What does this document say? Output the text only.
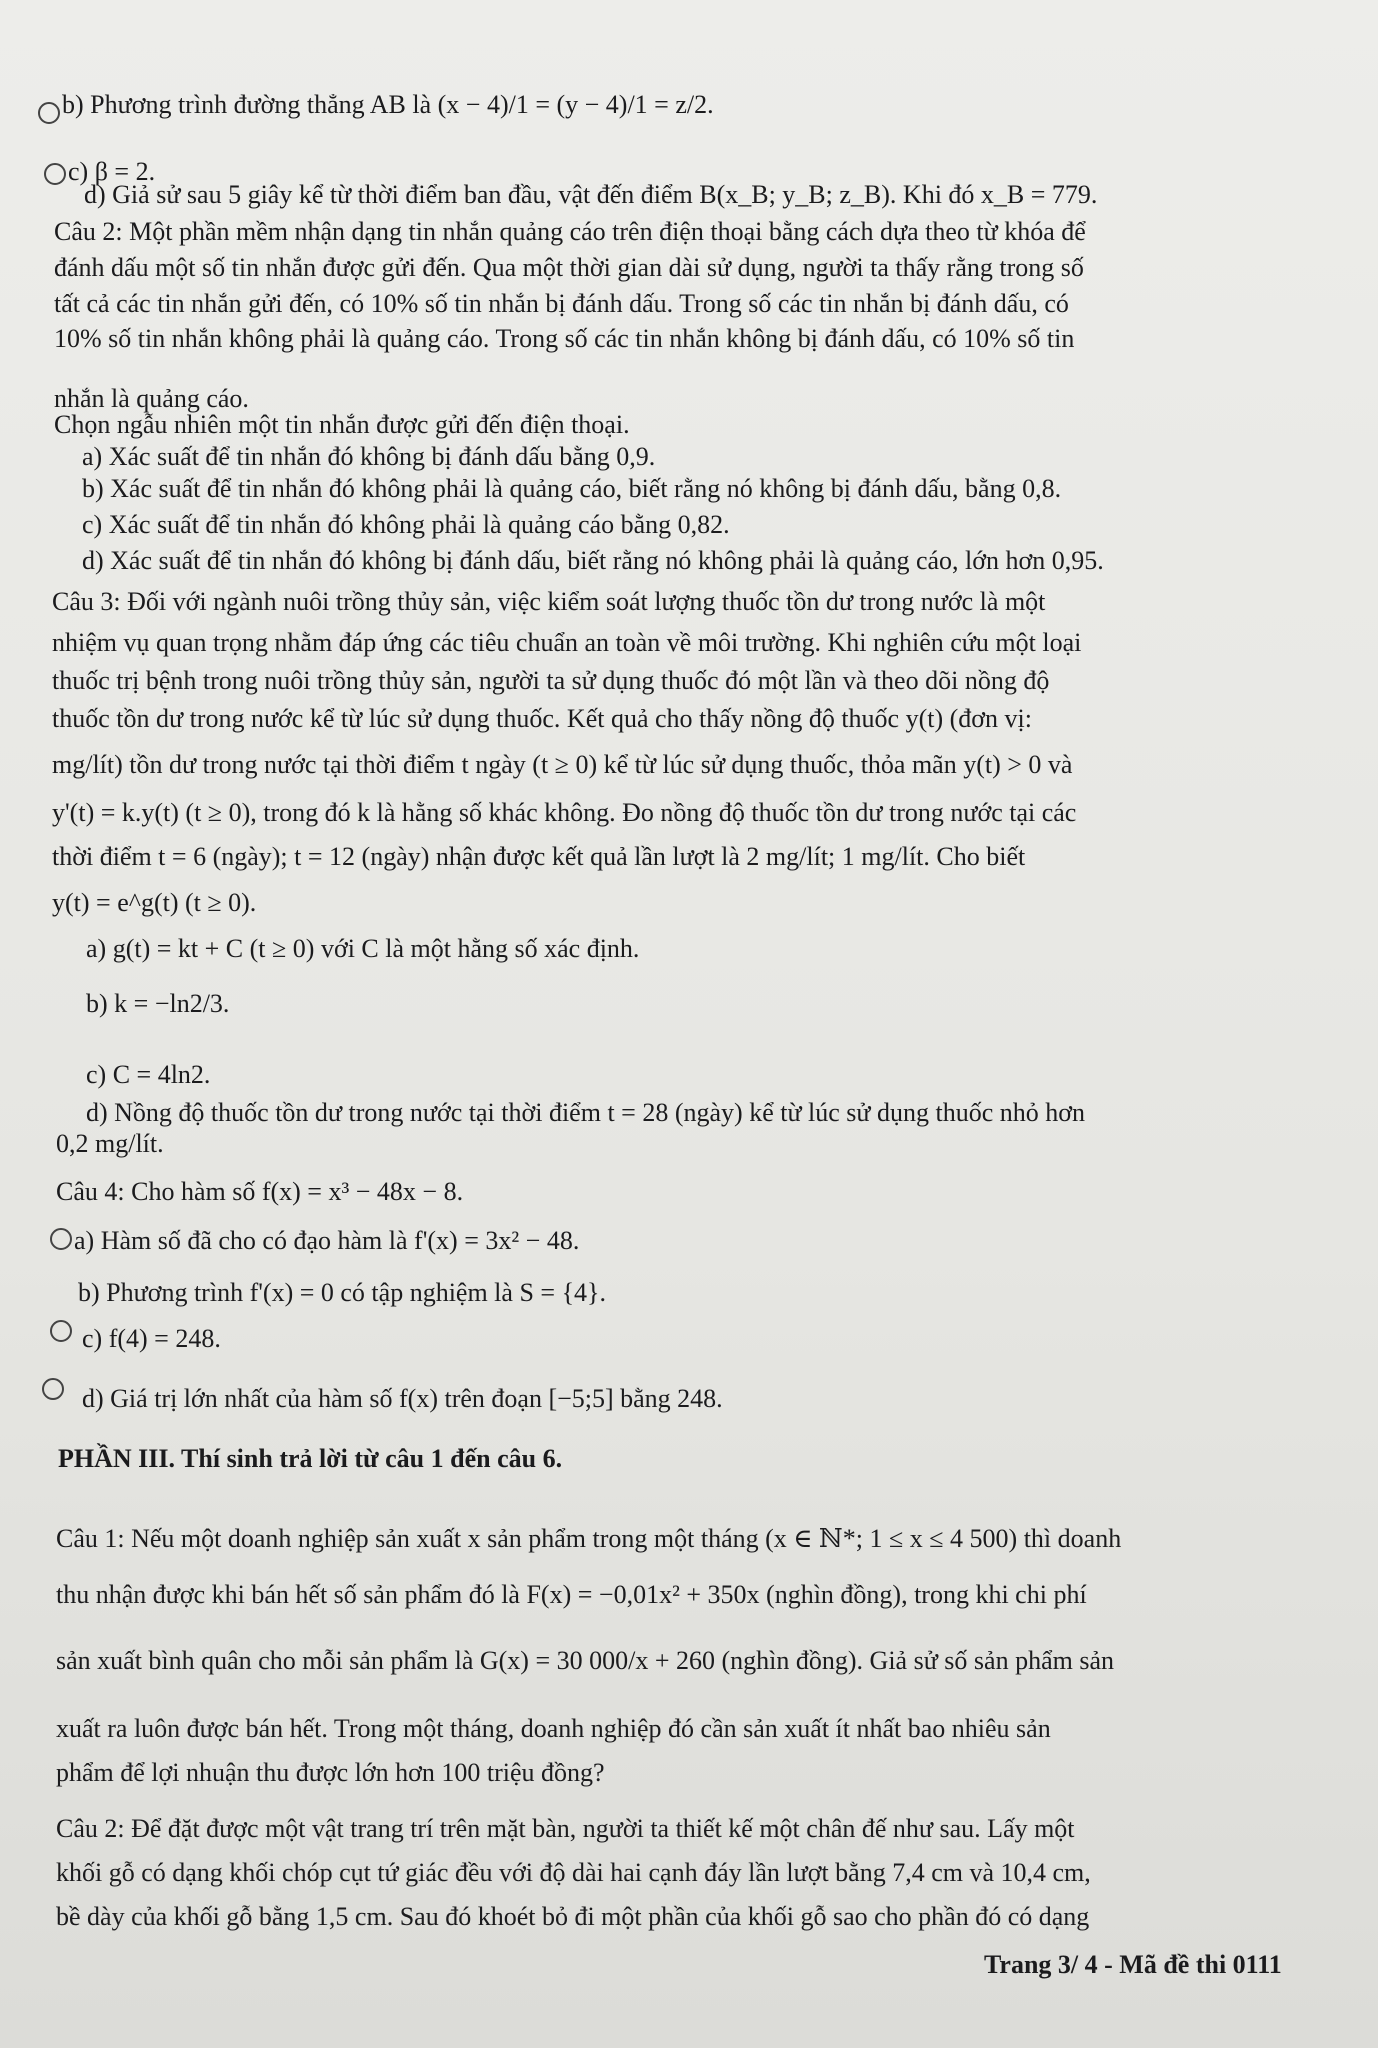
b) Phương trình đường thẳng AB là (x − 4)/1 = (y − 4)/1 = z/2.
c) β = 2.
d) Giả sử sau 5 giây kể từ thời điểm ban đầu, vật đến điểm B(x_B; y_B; z_B). Khi đó x_B = 779.
Câu 2: Một phần mềm nhận dạng tin nhắn quảng cáo trên điện thoại bằng cách dựa theo từ khóa để
đánh dấu một số tin nhắn được gửi đến. Qua một thời gian dài sử dụng, người ta thấy rằng trong số
tất cả các tin nhắn gửi đến, có 10% số tin nhắn bị đánh dấu. Trong số các tin nhắn bị đánh dấu, có
10% số tin nhắn không phải là quảng cáo. Trong số các tin nhắn không bị đánh dấu, có 10% số tin
nhắn là quảng cáo.
Chọn ngẫu nhiên một tin nhắn được gửi đến điện thoại.
a) Xác suất để tin nhắn đó không bị đánh dấu bằng 0,9.
b) Xác suất để tin nhắn đó không phải là quảng cáo, biết rằng nó không bị đánh dấu, bằng 0,8.
c) Xác suất để tin nhắn đó không phải là quảng cáo bằng 0,82.
d) Xác suất để tin nhắn đó không bị đánh dấu, biết rằng nó không phải là quảng cáo, lớn hơn 0,95.
Câu 3: Đối với ngành nuôi trồng thủy sản, việc kiểm soát lượng thuốc tồn dư trong nước là một
nhiệm vụ quan trọng nhằm đáp ứng các tiêu chuẩn an toàn về môi trường. Khi nghiên cứu một loại
thuốc trị bệnh trong nuôi trồng thủy sản, người ta sử dụng thuốc đó một lần và theo dõi nồng độ
thuốc tồn dư trong nước kể từ lúc sử dụng thuốc. Kết quả cho thấy nồng độ thuốc y(t) (đơn vị:
mg/lít) tồn dư trong nước tại thời điểm t ngày (t ≥ 0) kể từ lúc sử dụng thuốc, thỏa mãn y(t) > 0 và
y'(t) = k.y(t) (t ≥ 0), trong đó k là hằng số khác không. Đo nồng độ thuốc tồn dư trong nước tại các
thời điểm t = 6 (ngày); t = 12 (ngày) nhận được kết quả lần lượt là 2 mg/lít; 1 mg/lít. Cho biết
y(t) = e^g(t) (t ≥ 0).
a) g(t) = kt + C (t ≥ 0) với C là một hằng số xác định.
b) k = −ln2/3.
c) C = 4ln2.
d) Nồng độ thuốc tồn dư trong nước tại thời điểm t = 28 (ngày) kể từ lúc sử dụng thuốc nhỏ hơn
0,2 mg/lít.
Câu 4: Cho hàm số f(x) = x³ − 48x − 8.
a) Hàm số đã cho có đạo hàm là f'(x) = 3x² − 48.
b) Phương trình f'(x) = 0 có tập nghiệm là S = {4}.
c) f(4) = 248.
d) Giá trị lớn nhất của hàm số f(x) trên đoạn [−5;5] bằng 248.
PHẦN III. Thí sinh trả lời từ câu 1 đến câu 6.
Câu 1: Nếu một doanh nghiệp sản xuất x sản phẩm trong một tháng (x ∈ ℕ*; 1 ≤ x ≤ 4 500) thì doanh
thu nhận được khi bán hết số sản phẩm đó là F(x) = −0,01x² + 350x (nghìn đồng), trong khi chi phí
sản xuất bình quân cho mỗi sản phẩm là G(x) = 30 000/x + 260 (nghìn đồng). Giả sử số sản phẩm sản
xuất ra luôn được bán hết. Trong một tháng, doanh nghiệp đó cần sản xuất ít nhất bao nhiêu sản
phẩm để lợi nhuận thu được lớn hơn 100 triệu đồng?
Câu 2: Để đặt được một vật trang trí trên mặt bàn, người ta thiết kế một chân đế như sau. Lấy một
khối gỗ có dạng khối chóp cụt tứ giác đều với độ dài hai cạnh đáy lần lượt bằng 7,4 cm và 10,4 cm,
bề dày của khối gỗ bằng 1,5 cm. Sau đó khoét bỏ đi một phần của khối gỗ sao cho phần đó có dạng
Trang 3/ 4 - Mã đề thi 0111
